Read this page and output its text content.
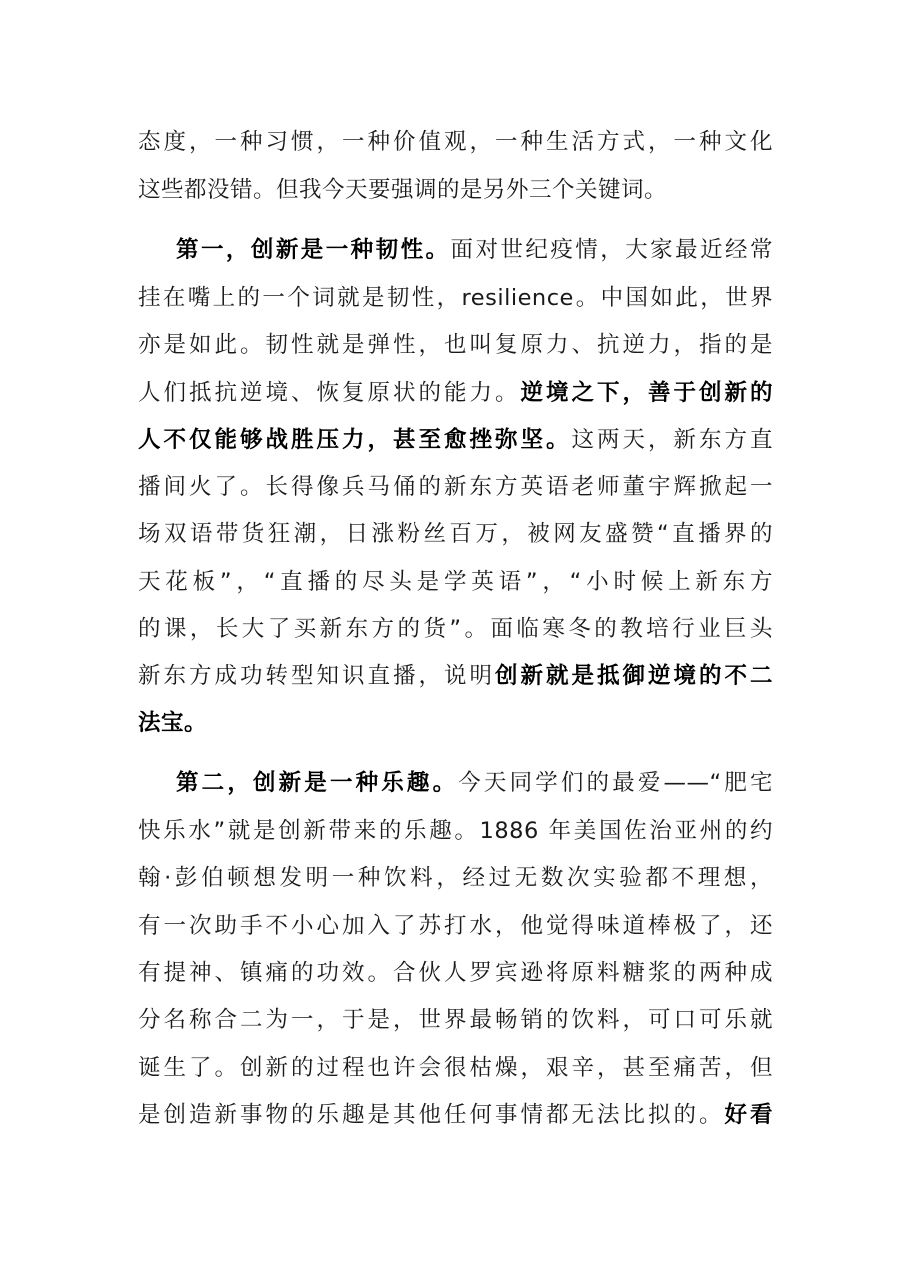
态度，一种习惯，一种价值观，一种生活方式，一种文化
这些都没错。但我今天要强调的是另外三个关键词。
第一，创新是一种韧性。面对世纪疫情，大家最近经常
挂在嘴上的一个词就是韧性，resilience。中国如此，世界
亦是如此。韧性就是弹性，也叫复原力、抗逆力，指的是
人们抵抗逆境、恢复原状的能力。逆境之下，善于创新的
人不仅能够战胜压力，甚至愈挫弥坚。这两天，新东方直
播间火了。长得像兵马俑的新东方英语老师董宇辉掀起一
场双语带货狂潮，日涨粉丝百万，被网友盛赞“直播界的
天花板”，“直播的尽头是学英语”，“小时候上新东方
的课，长大了买新东方的货”。面临寒冬的教培行业巨头
新东方成功转型知识直播，说明创新就是抵御逆境的不二
法宝。
第二，创新是一种乐趣。今天同学们的最爱——“肥宅
快乐水”就是创新带来的乐趣。1886 年美国佐治亚州的约
翰·彭伯顿想发明一种饮料，经过无数次实验都不理想，
有一次助手不小心加入了苏打水，他觉得味道棒极了，还
有提神、镇痛的功效。合伙人罗宾逊将原料糖浆的两种成
分名称合二为一，于是，世界最畅销的饮料，可口可乐就
诞生了。创新的过程也许会很枯燥，艰辛，甚至痛苦，但
是创造新事物的乐趣是其他任何事情都无法比拟的。好看
